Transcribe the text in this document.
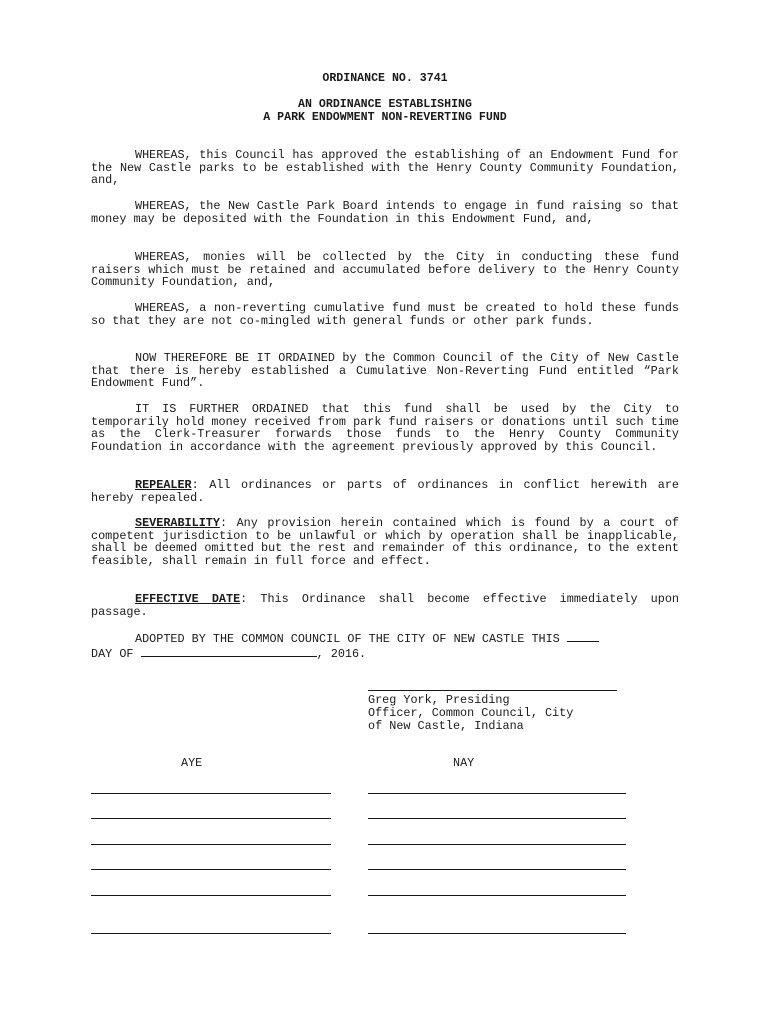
ORDINANCE NO. 3741
AN ORDINANCE ESTABLISHING
A PARK ENDOWMENT NON-REVERTING FUND
WHEREAS, this Council has approved the establishing of an Endowment Fund for the New Castle parks to be established with the Henry County Community Foundation, and,
WHEREAS, the New Castle Park Board intends to engage in fund raising so that money may be deposited with the Foundation in this Endowment Fund, and,
WHEREAS, monies will be collected by the City in conducting these fund raisers which must be retained and accumulated before delivery to the Henry County Community Foundation, and,
WHEREAS, a non-reverting cumulative fund must be created to hold these funds so that they are not co-mingled with general funds or other park funds.
NOW THEREFORE BE IT ORDAINED by the Common Council of the City of New Castle that there is hereby established a Cumulative Non-Reverting Fund entitled “Park Endowment Fund”.
IT IS FURTHER ORDAINED that this fund shall be used by the City to temporarily hold money received from park fund raisers or donations until such time as the Clerk-Treasurer forwards those funds to the Henry County Community Foundation in accordance with the agreement previously approved by this Council.
REPEALER: All ordinances or parts of ordinances in conflict herewith are hereby repealed.
SEVERABILITY: Any provision herein contained which is found by a court of competent jurisdiction to be unlawful or which by operation shall be inapplicable, shall be deemed omitted but the rest and remainder of this ordinance, to the extent feasible, shall remain in full force and effect.
EFFECTIVE DATE: This Ordinance shall become effective immediately upon passage.
ADOPTED BY THE COMMON COUNCIL OF THE CITY OF NEW CASTLE THIS
DAY OF	, 2016.
Greg York, Presiding
Officer, Common Council, City
of New Castle, Indiana
AYE	NAY
